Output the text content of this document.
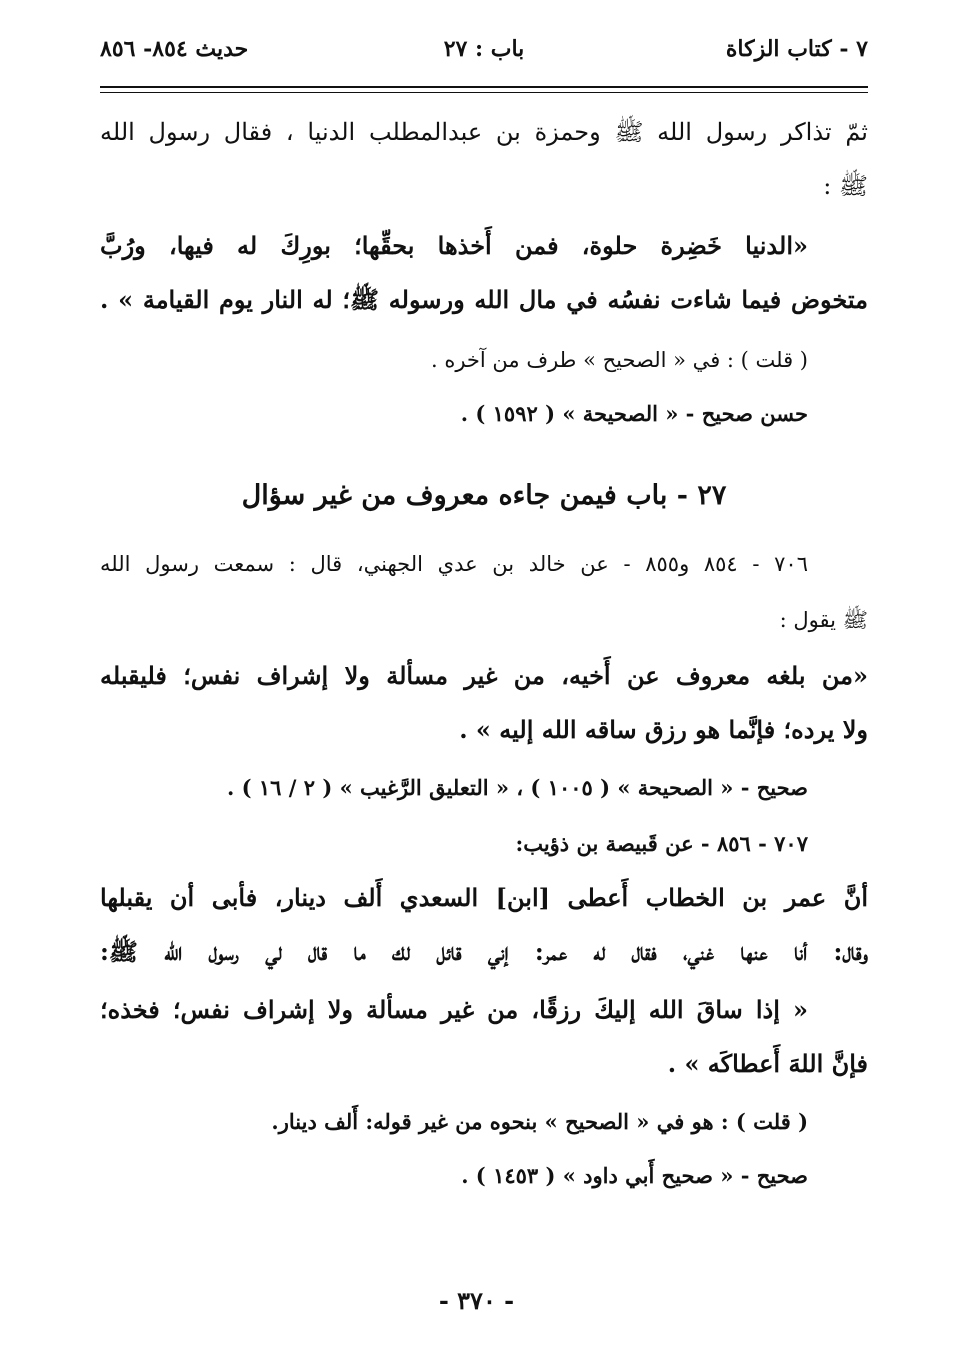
٧ - كتاب الزكاة
باب : ٢٧
حديث ٨٥٤- ٨٥٦
ثمّ تذاكر رسول الله ﷺ وحمزة بن عبدالمطلب الدنيا ، فقال رسول الله
ﷺ :
«الدنيا خَضِرة حلوة، فمن أَخذها بحقِّها؛ بورِكَ له فيها، ورُبَّ
متخوض فيما شاءت نفسُه في مال الله ورسوله ﷺ؛ له النار يوم القيامة » .
( قلت ) : في « الصحيح » طرف من آخره .
حسن صحيح - « الصحيحة » ( ١٥٩٢ ) .
٢٧ - باب فيمن جاءه معروف من غير سؤال
٧٠٦ - ٨٥٤ و٨٥٥ - عن خالد بن عدي الجهني، قال : سمعت رسول الله
ﷺ يقول :
«من بلغه معروف عن أَخيه، من غير مسألة ولا إشراف نفس؛ فليقبله
ولا يرده؛ فإنَّما هو رزق ساقه الله إليه » .
صحيح - « الصحيحة » ( ١٠٠٥ ) ، « التعليق الرَّغيب » ( ٢ / ١٦ ) .
٧٠٧ - ٨٥٦ - عن قَبيصة بن ذؤيب:
أنَّ عمر بن الخطاب أَعطى [ابن] السعدي أَلف دينار، فأبى أن يقبلها
وقال: أنا عنها غني، فقال له عمر: إني قائل لك ما قال لي رسول الله ﷺ:
« إذا ساقَ الله إليكَ رزقًا، من غير مسألة ولا إشراف نفس؛ فخذه؛
فإنَّ اللهَ أَعطاكَه » .
( قلت ) : هو في « الصحيح » بنحوه من غير قوله: أَلف دينار.
صحيح - « صحيح أَبي داود » ( ١٤٥٣ ) .
- ٣٧٠ -
